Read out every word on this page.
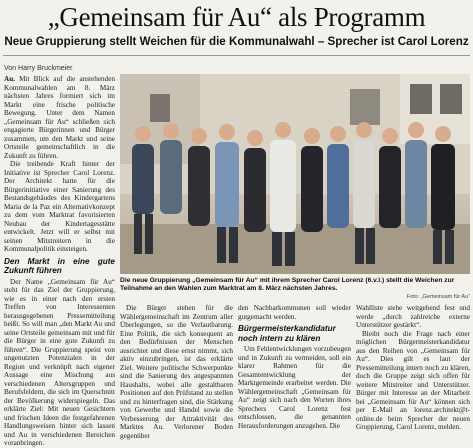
„Gemeinsam für Au“ als Programm
Neue Gruppierung stellt Weichen für die Kommunalwahl – Sprecher ist Carol Lorenz
Von Harry Bruckmeier

Au. Mit Blick auf die anstehenden Kommunalwahlen am 8. März nächsten Jahres formiert sich im Markt eine frische politische Bewegung. Unter dem Namen „Gemeinsam für Au“ schließen sich engagierte Bürgerinnen und Bürger zusammen, um den Markt und seine Ortsteile gemeinschaftlich in die Zukunft zu führen.

Die treibende Kraft hinter der Initiative ist Sprecher Carol Lorenz. Der Architekt hatte für die Bürgerinitiative einer Sanierung des Bestandsgebäudes des Kindergartens Maria de la Paz ein Alternativkonzept zu dem vom Marktrat favorisierten Neubau der Kindertagesstätte entwickelt. Jetzt will er selbst mit seinen Mitstreitern in die Kommunalpolitik einsteigen.

Den Markt in eine gute Zukunft führen

Der Name „Gemeinsam für Au“ steht für das Ziel der Gruppierung, wie es in einer nach den ersten Treffen von Interessenten herausgegebenen Pressemitteilung heißt. So will man „den Markt Au und seine Ortsteile gemeinsam mit und für die Bürger in eine gute Zukunft zu führen“. Die Gruppierung speist von ungenutzten Potenzialen in der Region und verknüpft nach eigener Aussage eine Mischung aus verschiedenen Altersgruppen und Berufsfeldern, die sich im Querschnitt der Bevölkerung widerspiegeln. Das erklärte Ziel: Mit neuen Gesichtern und frischen Ideen die festgefahrenen Handlungsweisen hinter sich lassen und Au in verschiedenen Bereichen voranbringen.

Die neue Gruppierung „Gemeinsam für Au“ mit ihrem Sprecher Carol Lorenz (6.v.l.) stellt die Weichen zur Teilnahme an den Wahlen zum Marktrat am 8. März nächsten Jahres.
Foto: „Gemeinsam für Au“

Die Bürger stehen für die Wählergemeinschaft im Zentrum aller Überlegungen, so die Verlautbarung. Eine Politik, die sich konsequent an den Bedürfnissen der Menschen ausrichtet und diese ernst nimmt, sich aktiv einzubringen, ist das erklärte Ziel. Weitere politische Schwerpunkte sind die Sanierung des angespannten Haushalts, wobei alle gestaltbaren Positionen auf den Prüfstand zu stellen und zu hinterfragen sind, die Stärkung von Gewerbe und Handel sowie die Verbesserung der Attraktivität des Marktes Au. Verlorener Boden gegenüber

den Nachbarkommunen soll wieder gutgemacht werden.

Bürgermeisterkandidatur noch intern zu klären

Um Fehlentwicklungen vorzubeugen und in Zukunft zu vermeiden, soll ein klarer Rahmen für die Gesamtentwicklung der Marktgemeinde erarbeitet werden. Die Wählergemeinschaft „Gemeinsam für Au“ zeigt sich nach den Worten ihres Sprechers Carol Lorenz fest entschlossen, die genannten Herausforderungen anzugehen. Die

Wahlliste stehe weitgehend fest und werde „durch zahlreiche externe Unterstützer gestärkt“.

Bleibt noch die Frage nach einer möglichen Bürgermeisterkandidatur aus den Reihen von „Gemeinsam für Au“. Dies gilt es laut der Pressemitteilung intern noch zu klären, doch die Gruppe zeigt sich offen für weitere Mitstreiter und Unterstützer. Bürger mit Interesse an der Mitarbeit bei „Gemeinsam für Au“ können sich per E-Mail an lorenz.architekt@t-online.de beim Sprecher der neuen Gruppierung, Carol Lorenz, melden.
